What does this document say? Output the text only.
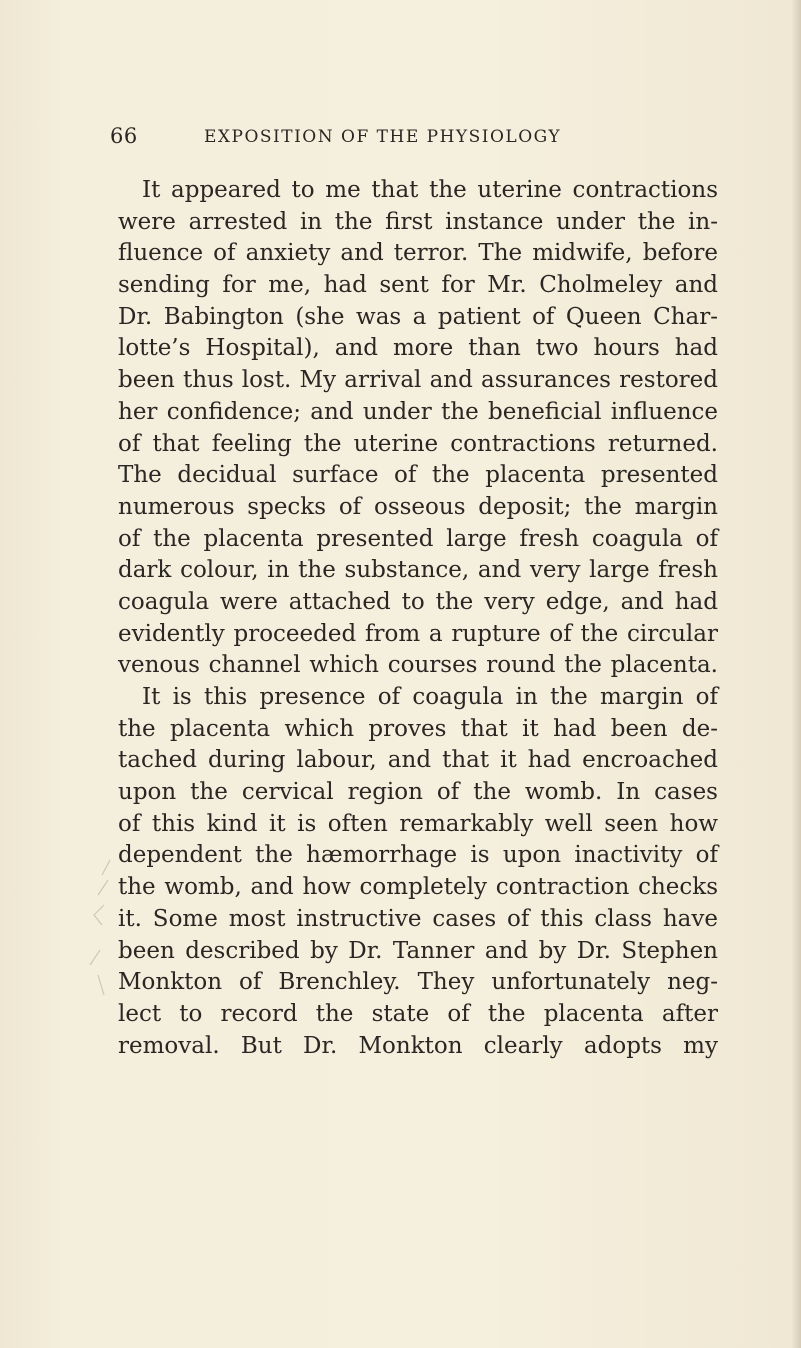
66	EXPOSITION OF THE PHYSIOLOGY
It appeared to me that the uterine contractions
were arrested in the first instance under the in-
fluence of anxiety and terror. The midwife, before
sending for me, had sent for Mr. Cholmeley and
Dr. Babington (she was a patient of Queen Char-
lotte’s Hospital), and more than two hours had
been thus lost. My arrival and assurances restored
her confidence; and under the beneficial influence
of that feeling the uterine contractions returned.
The decidual surface of the placenta presented
numerous specks of osseous deposit; the margin
of the placenta presented large fresh coagula of
dark colour, in the substance, and very large fresh
coagula were attached to the very edge, and had
evidently proceeded from a rupture of the circular
venous channel which courses round the placenta.
It is this presence of coagula in the margin of
the placenta which proves that it had been de-
tached during labour, and that it had encroached
upon the cervical region of the womb. In cases
of this kind it is often remarkably well seen how
dependent the hæmorrhage is upon inactivity of
the womb, and how completely contraction checks
it. Some most instructive cases of this class have
been described by Dr. Tanner and by Dr. Stephen
Monkton of Brenchley. They unfortunately neg-
lect to record the state of the placenta after
removal. But Dr. Monkton clearly adopts my
